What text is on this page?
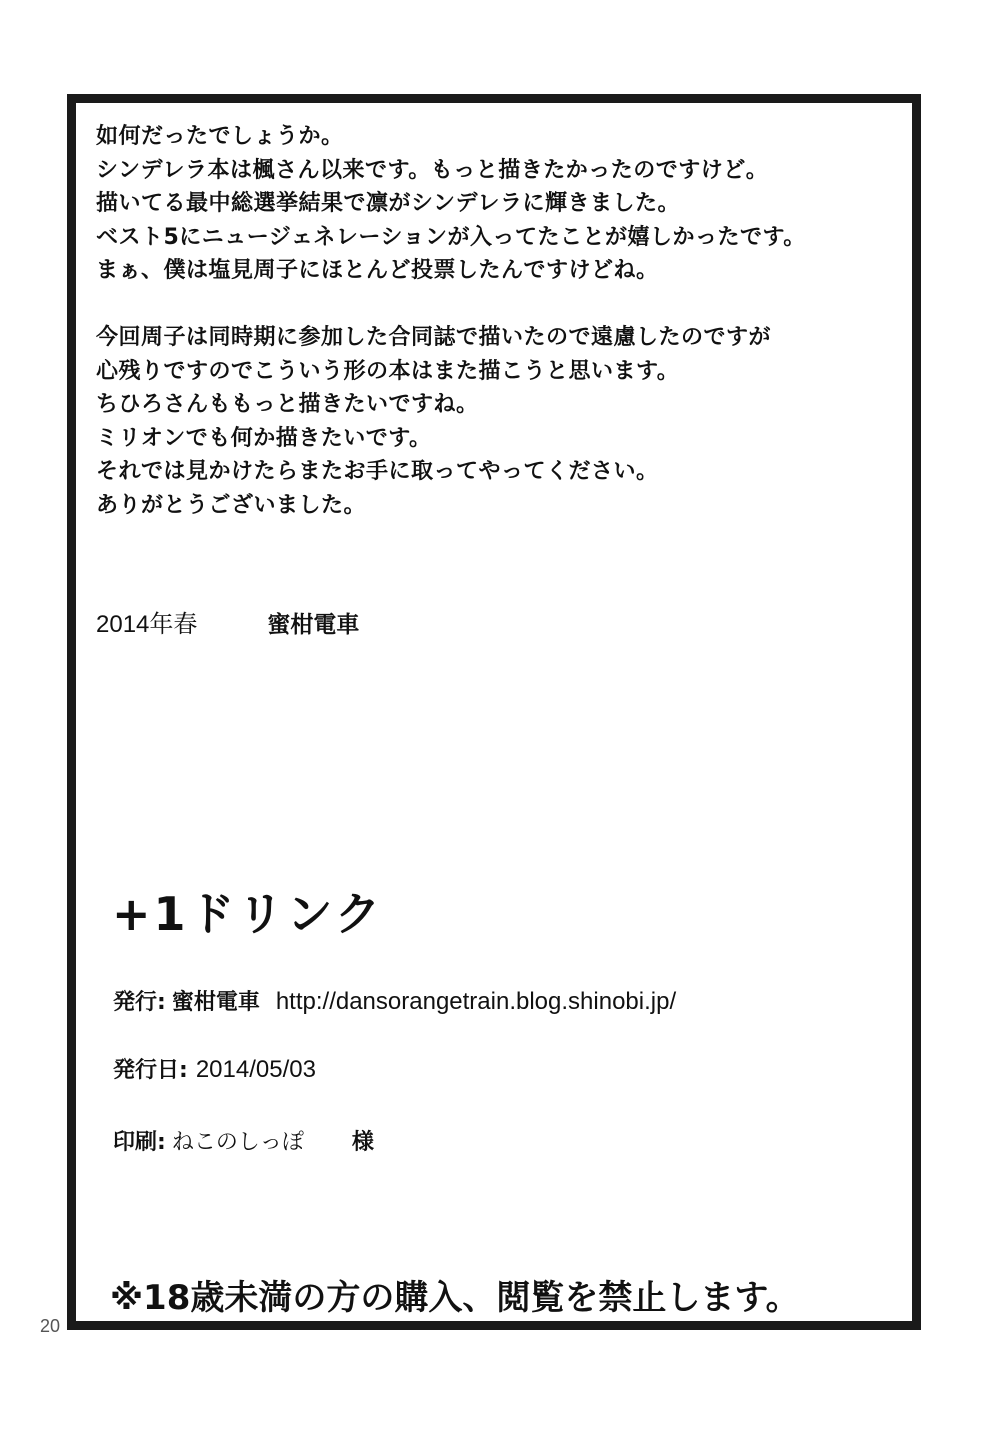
如何だったでしょうか。
シンデレラ本は楓さん以来です。もっと描きたかったのですけど。
描いてる最中総選挙結果で凛がシンデレラに輝きました。
ベスト5にニュージェネレーションが入ってたことが嬉しかったです。
まぁ、僕は塩見周子にほとんど投票したんですけどね。
今回周子は同時期に参加した合同誌で描いたので遠慮したのですが
心残りですのでこういう形の本はまた描こうと思います。
ちひろさんももっと描きたいですね。
ミリオンでも何か描きたいです。
それでは見かけたらまたお手に取ってやってください。
ありがとうございました。
2014年春	蜜柑電車
+1ドリンク
発行: 蜜柑電車 http://dansorangetrain.blog.shinobi.jp/
発行日: 2014/05/03
印刷: ねこのしっぽ 様
※18歳未満の方の購入、閲覧を禁止します。
20
